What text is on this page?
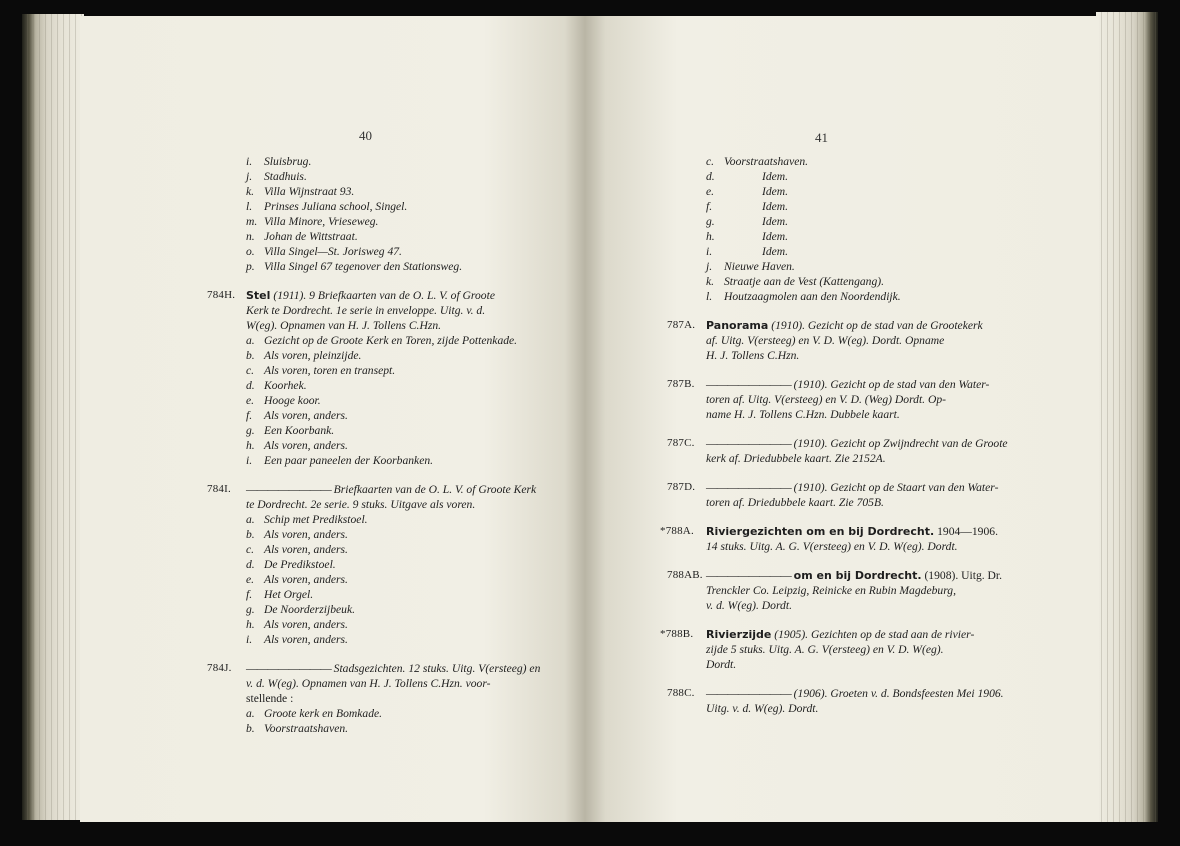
40
i.	Sluisbrug.
j.	Stadhuis.
k. Villa Wijnstraat 93.
l.	Prinses Juliana school, Singel.
m. Villa Minore, Vrieseweg.
n. Johan de Wittstraat.
o. Villa Singel—St. Jorisweg 47.
p. Villa Singel 67 tegenover den Stationsweg.
784H. Stel (1911). 9 Briefkaarten van de O. L. V. of Groote
Kerk te Dordrecht. 1e serie in enveloppe. Uitg. v. d.
W(eg). Opnamen van H. J. Tollens C.Hzn.
a. Gezicht op de Groote Kerk en Toren, zijde Pottenkade.
b. Als voren, pleinzijde.
c. Als voren, toren en transept.
d. Koorhek.
e. Hooge koor.
f.	Als voren, anders.
g. Een Koorbank.
h. Als voren, anders.
i.	Een paar paneelen der Koorbanken.
784I. ———————— Briefkaarten van de O. L. V. of Groote Kerk
te Dordrecht. 2e serie. 9 stuks. Uitgave als voren.
a. Schip met Predikstoel.
b. Als voren, anders.
c. Als voren, anders.
d. De Predikstoel.
e. Als voren, anders.
f.	Het Orgel.
g. De Noorderzijbeuk.
h. Als voren, anders.
i.	Als voren, anders.
784J. ———————— Stadsgezichten. 12 stuks. Uitg. V(ersteeg) en
v. d. W(eg). Opnamen van H. J. Tollens C.Hzn. voor-
stellende :
a. Groote kerk en Bomkade.
b. Voorstraatshaven.
41
c. Voorstraatshaven.
d.	Idem.
e.	Idem.
f.	Idem.
g.	Idem.
h.	Idem.
i.	Idem.
j.	Nieuwe Haven.
k. Straatje aan de Vest (Kattengang).
l.	Houtzaagmolen aan den Noordendijk.
787A. Panorama (1910). Gezicht op de stad van de Grootekerk
af. Uitg. V(ersteeg) en V. D. W(eg). Dordt. Opname
H. J. Tollens C.Hzn.
787B. ———————— (1910). Gezicht op de stad van den Water-
toren af. Uitg. V(ersteeg) en V. D. (Weg) Dordt. Op-
name H. J. Tollens C.Hzn. Dubbele kaart.
787C. ———————— (1910). Gezicht op Zwijndrecht van de Groote
kerk af. Driedubbele kaart. Zie 2152A.
787D. ———————— (1910). Gezicht op de Staart van den Water-
toren af. Driedubbele kaart. Zie 705B.
*788A. Riviergezichten om en bij Dordrecht. 1904—1906.
14 stuks. Uitg. A. G. V(ersteeg) en V. D. W(eg). Dordt.
788AB. ———————— om en bij Dordrecht. (1908). Uitg. Dr.
Trenckler Co. Leipzig, Reinicke en Rubin Magdeburg,
v. d. W(eg). Dordt.
*788B. Rivierzijde (1905). Gezichten op de stad aan de rivier-
zijde 5 stuks. Uitg. A. G. V(ersteeg) en V. D. W(eg).
Dordt.
788C. ———————— (1906). Groeten v. d. Bondsfeesten Mei 1906.
Uitg. v. d. W(eg). Dordt.
